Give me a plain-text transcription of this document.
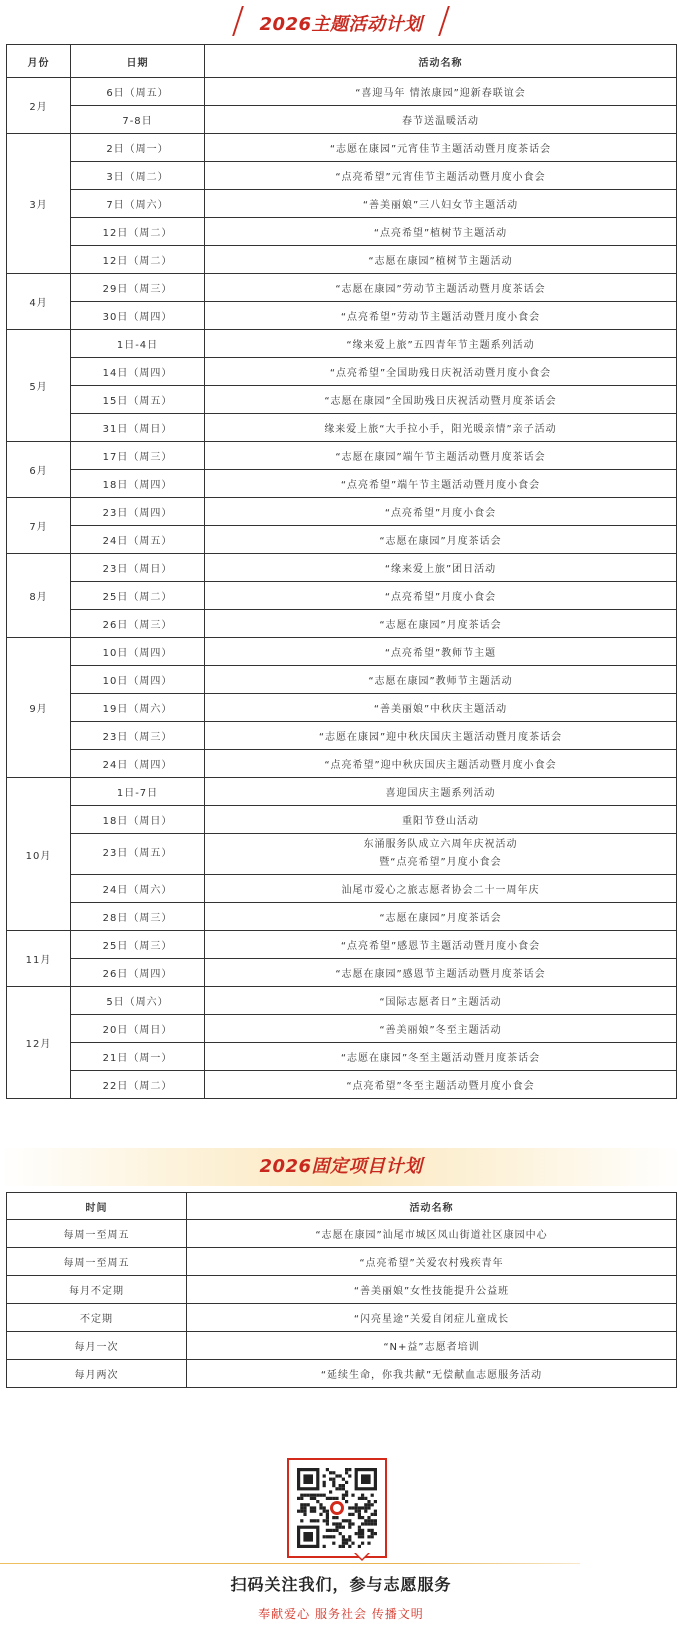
2026主题活动计划
月份	日期	活动名称
2月	6日（周五）	“喜迎马年 情浓康园”迎新春联谊会
	7-8日	春节送温暖活动
3月	2日（周一）	“志愿在康园”元宵佳节主题活动暨月度茶话会
	3日（周二）	“点亮希望”元宵佳节主题活动暨月度小食会
	7日（周六）	“善美丽娘”三八妇女节主题活动
	12日（周二）	“点亮希望”植树节主题活动
	12日（周二）	“志愿在康园”植树节主题活动
4月	29日（周三）	“志愿在康园”劳动节主题活动暨月度茶话会
	30日（周四）	“点亮希望”劳动节主题活动暨月度小食会
5月	1日-4日	“缘来爱上旅”五四青年节主题系列活动
	14日（周四）	“点亮希望”全国助残日庆祝活动暨月度小食会
	15日（周五）	“志愿在康园”全国助残日庆祝活动暨月度茶话会
	31日（周日）	缘来爱上旅“大手拉小手，阳光暖亲情”亲子活动
6月	17日（周三）	“志愿在康园”端午节主题活动暨月度茶话会
	18日（周四）	“点亮希望”端午节主题活动暨月度小食会
7月	23日（周四）	“点亮希望”月度小食会
	24日（周五）	“志愿在康园”月度茶话会
8月	23日（周日）	“缘来爱上旅”团日活动
	25日（周二）	“点亮希望”月度小食会
	26日（周三）	“志愿在康园”月度茶话会
9月	10日（周四）	“点亮希望”教师节主题
	10日（周四）	“志愿在康园”教师节主题活动
	19日（周六）	“善美丽娘”中秋庆主题活动
	23日（周三）	“志愿在康园”迎中秋庆国庆主题活动暨月度茶话会
	24日（周四）	“点亮希望”迎中秋庆国庆主题活动暨月度小食会
10月	1日-7日	喜迎国庆主题系列活动
	18日（周日）	重阳节登山活动
	23日（周五）	东涌服务队成立六周年庆祝活动
暨“点亮希望”月度小食会

	24日（周六）	汕尾市爱心之旅志愿者协会二十一周年庆
	28日（周三）	“志愿在康园”月度茶话会
11月	25日（周三）	“点亮希望”感恩节主题活动暨月度小食会
	26日（周四）	“志愿在康园”感恩节主题活动暨月度茶话会
12月	5日（周六）	“国际志愿者日”主题活动
	20日（周日）	“善美丽娘”冬至主题活动
	21日（周一）	“志愿在康园”冬至主题活动暨月度茶话会
	22日（周二）	“点亮希望”冬至主题活动暨月度小食会
2026固定项目计划
时间	活动名称
每周一至周五	“志愿在康园”汕尾市城区凤山街道社区康园中心
每周一至周五	“点亮希望”关爱农村残疾青年
每月不定期	“善美丽娘”女性技能提升公益班
不定期	“闪亮星途”关爱自闭症儿童成长
每月一次	“N+益”志愿者培训
每月两次	“延续生命，你我共献”无偿献血志愿服务活动
扫码关注我们，参与志愿服务
奉献爱心 服务社会 传播文明
